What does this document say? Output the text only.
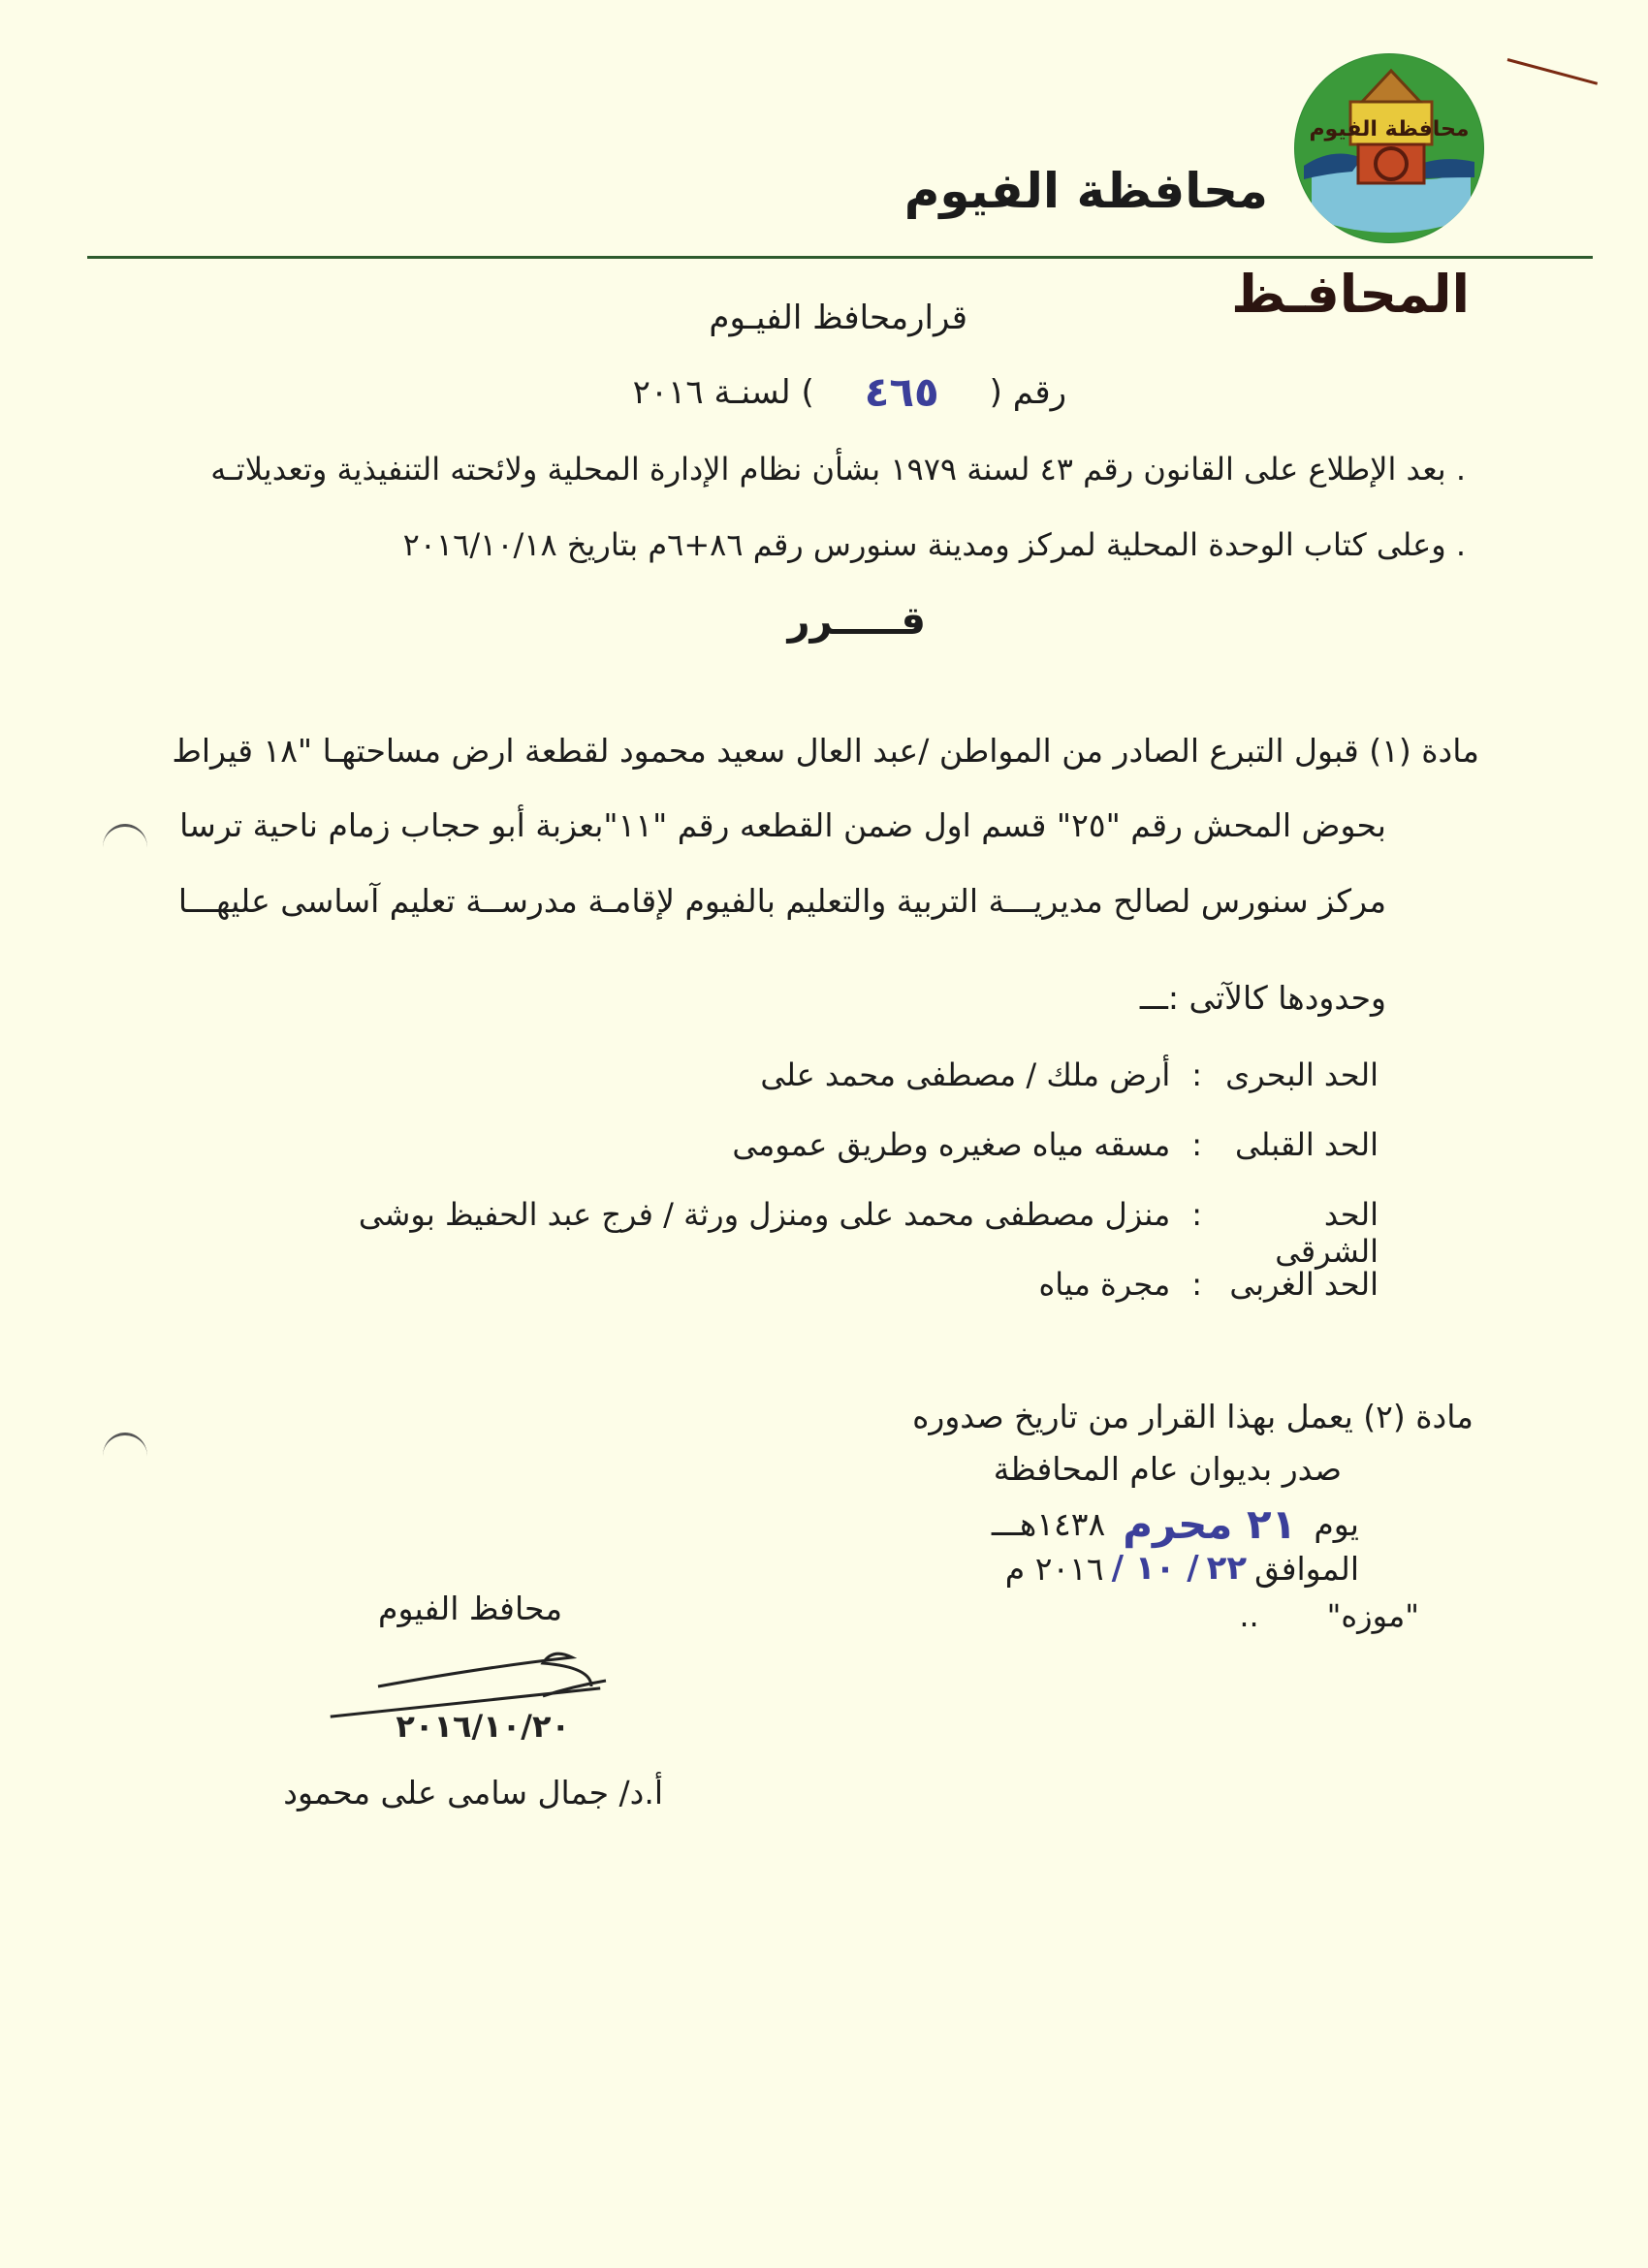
محافظة الفيوم
محافظة الفيوم
المحافـظ
قرارمحافظ الفيـوم
رقم (
٤٦٥
) لسنـة ٢٠١٦
. بعد الإطلاع على القانون رقم ٤٣ لسنة ١٩٧٩ بشأن نظام الإدارة المحلية ولائحته التنفيذية وتعديلاتـه
. وعلى كتاب الوحدة المحلية لمركز ومدينة سنورس رقم ٨٦+٦م بتاريخ ٢٠١٦/١٠/١٨
قـــــرر
مادة (١) قبول التبرع الصادر من المواطن /عبد العال سعيد محمود لقطعة ارض مساحتهـا "١٨ قيراط
بحوض المحش رقم "٢٥" قسم اول ضمن القطعه رقم "١١"بعزبة أبو حجاب زمام ناحية ترسا
مركز سنورس لصالح مديريـــة التربية والتعليم بالفيوم لإقامـة مدرســة تعليم آساسى عليهـــا
وحدودها كالآتى :ـــ
الحد البحرى
:
أرض ملك / مصطفى محمد على
الحد القبلى
:
مسقه مياه صغيره وطريق عمومى
الحد الشرقى
:
منزل مصطفى محمد على ومنزل ورثة / فرج عبد الحفيظ بوشى
الحد الغربى
:
مجرة مياه
مادة (٢) يعمل بهذا القرار من تاريخ صدوره
صدر بديوان عام المحافظة
يوم
٢١ محرم
١٤٣٨هـــ
الموافق
٢٢
/ ١٠ /
٢٠١٦ م
"موزه"
..
محافظ الفيوم
٢٠١٦/١٠/٢٠
أ.د/ جمال سامى على محمود
